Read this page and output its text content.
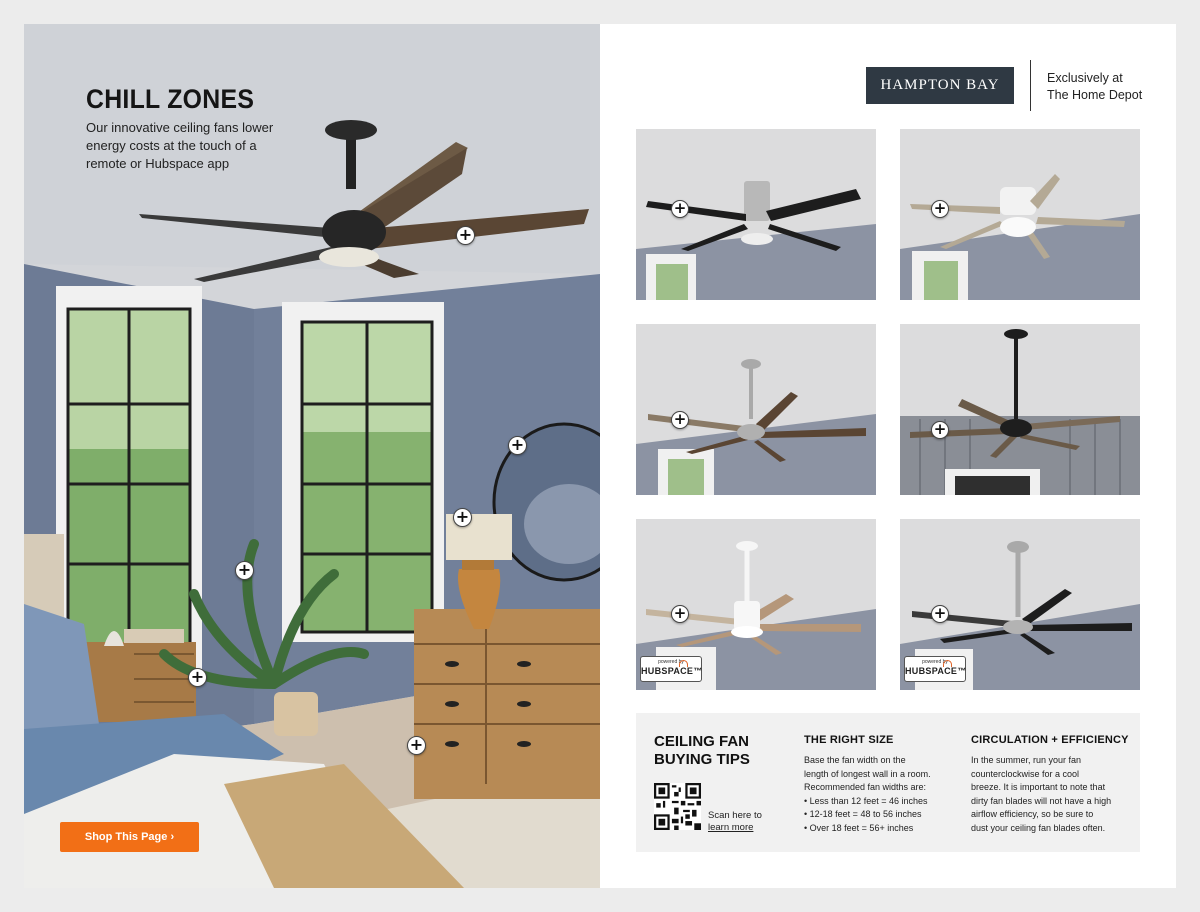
CHILL ZONES
Our innovative ceiling fans lower energy costs at the touch of a remote or Hubspace app
+
+
+
+
+
+
Shop This Page ›
HAMPTON BAY	Exclusively at
The Home Depot
+	+
+
+
+
powered by
HUBSPACE™
+
powered by
HUBSPACE™
CEILING FAN
BUYING TIPS
Scan here to
learn more
THE RIGHT SIZE
Base the fan width on the
length of longest wall in a room.
Recommended fan widths are:
• Less than 12 feet = 46 inches
• 12-18 feet = 48 to 56 inches
• Over 18 feet = 56+ inches
CIRCULATION + EFFICIENCY
In the summer, run your fan
counterclockwise for a cool
breeze. It is important to note that
dirty fan blades will not have a high
airflow efficiency, so be sure to
dust your ceiling fan blades often.
